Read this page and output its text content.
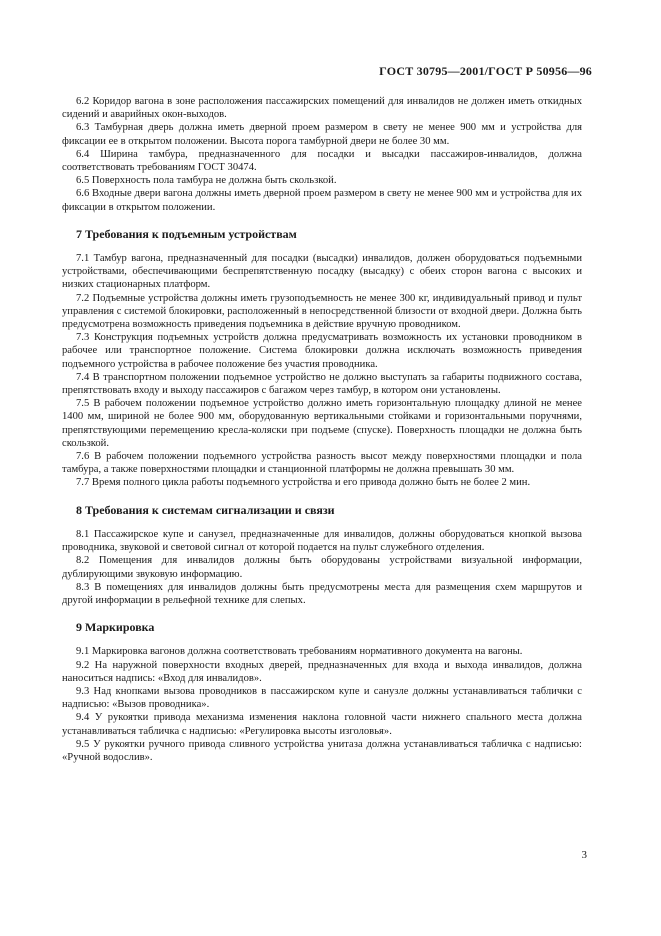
ГОСТ 30795—2001/ГОСТ Р 50956—96

6.2 Коридор вагона в зоне расположения пассажирских помещений для инвалидов не должен иметь откидных сидений и аварийных окон-выходов.

6.3 Тамбурная дверь должна иметь дверной проем размером в свету не менее 900 мм и устройства для фиксации ее в открытом положении. Высота порога тамбурной двери не более 30 мм.

6.4 Ширина тамбура, предназначенного для посадки и высадки пассажиров-инвалидов, должна соответствовать требованиям ГОСТ 30474.

6.5 Поверхность пола тамбура не должна быть скользкой.

6.6 Входные двери вагона должны иметь дверной проем размером в свету не менее 900 мм и устройства для их фиксации в открытом положении.

7 Требования к подъемным устройствам

7.1 Тамбур вагона, предназначенный для посадки (высадки) инвалидов, должен оборудоваться подъемными устройствами, обеспечивающими беспрепятственную посадку (высадку) с обеих сторон вагона с высоких и низких стационарных платформ.

7.2 Подъемные устройства должны иметь грузоподъемность не менее 300 кг, индивидуальный привод и пульт управления с системой блокировки, расположенный в непосредственной близости от входной двери. Должна быть предусмотрена возможность приведения подъемника в действие вручную проводником.

7.3 Конструкция подъемных устройств должна предусматривать возможность их установки проводником в рабочее или транспортное положение. Система блокировки должна исключать возможность приведения подъемного устройства в рабочее положение без участия проводника.

7.4 В транспортном положении подъемное устройство не должно выступать за габариты подвижного состава, препятствовать входу и выходу пассажиров с багажом через тамбур, в котором они установлены.

7.5 В рабочем положении подъемное устройство должно иметь горизонтальную площадку длиной не менее 1400 мм, шириной не более 900 мм, оборудованную вертикальными стойками и горизонтальными поручнями, препятствующими перемещению кресла-коляски при подъеме (спуске). Поверхность площадки не должна быть скользкой.

7.6 В рабочем положении подъемного устройства разность высот между поверхностями площадки и пола тамбура, а также поверхностями площадки и станционной платформы не должна превышать 30 мм.

7.7 Время полного цикла работы подъемного устройства и его привода должно быть не более 2 мин.

8 Требования к системам сигнализации и связи

8.1 Пассажирское купе и санузел, предназначенные для инвалидов, должны оборудоваться кнопкой вызова проводника, звуковой и световой сигнал от которой подается на пульт служебного отделения.

8.2 Помещения для инвалидов должны быть оборудованы устройствами визуальной информации, дублирующими звуковую информацию.

8.3 В помещениях для инвалидов должны быть предусмотрены места для размещения схем маршрутов и другой информации в рельефной технике для слепых.

9 Маркировка

9.1 Маркировка вагонов должна соответствовать требованиям нормативного документа на вагоны.

9.2 На наружной поверхности входных дверей, предназначенных для входа и выхода инвалидов, должна наноситься надпись: «Вход для инвалидов».

9.3 Над кнопками вызова проводников в пассажирском купе и санузле должны устанавливаться таблички с надписью: «Вызов проводника».

9.4 У рукоятки привода механизма изменения наклона головной части нижнего спального места должна устанавливаться табличка с надписью: «Регулировка высоты изголовья».

9.5 У рукоятки ручного привода сливного устройства унитаза должна устанавливаться табличка с надписью: «Ручной водослив».

3
